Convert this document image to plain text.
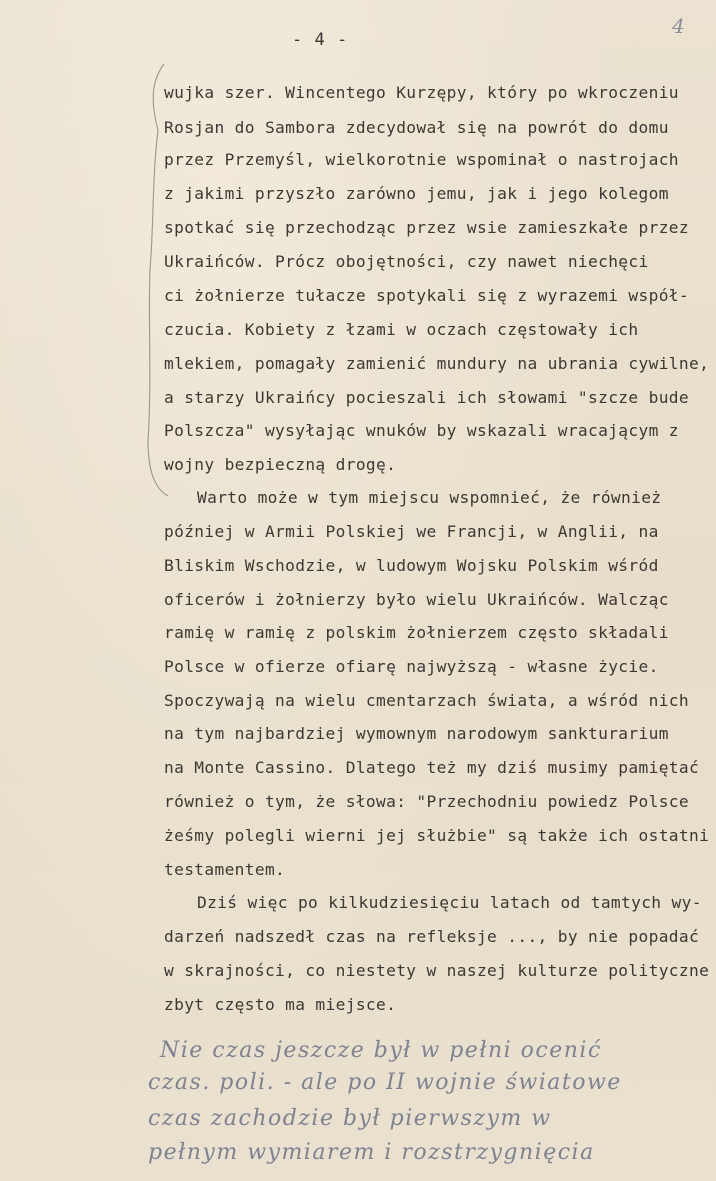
- 4 -
4
wujka szer. Wincentego Kurzępy, który po wkroczeniu
Rosjan do Sambora zdecydował się na powrót do domu
przez Przemyśl, wielkorotnie wspominał o nastrojach
z jakimi przyszło zarówno jemu, jak i jego kolegom
spotkać się przechodząc przez wsie zamieszkałe przez
Ukraińców. Prócz obojętności, czy nawet niechęci
ci żołnierze tułacze spotykali się z wyrazemi współ-
czucia. Kobiety z łzami w oczach częstowały ich
mlekiem, pomagały zamienić mundury na ubrania cywilne,
a starzy Ukraińcy pocieszali ich słowami "szcze bude
Polszcza" wysyłając wnuków by wskazali wracającym z
wojny bezpieczną drogę.
Warto może w tym miejscu wspomnieć, że również
później w Armii Polskiej we Francji, w Anglii, na
Bliskim Wschodzie, w ludowym Wojsku Polskim wśród
oficerów i żołnierzy było wielu Ukraińców. Walcząc
ramię w ramię z polskim żołnierzem często składali
Polsce w ofierze ofiarę najwyższą - własne życie.
Spoczywają na wielu cmentarzach świata, a wśród nich
na tym najbardziej wymownym narodowym sankturarium
na Monte Cassino. Dlatego też my dziś musimy pamiętać
również o tym, że słowa: "Przechodniu powiedz Polsce
żeśmy polegli wierni jej służbie" są także ich ostatni
testamentem.
Dziś więc po kilkudziesięciu latach od tamtych wy-
darzeń nadszedł czas na refleksje ..., by nie popadać
w skrajności, co niestety w naszej kulturze polityczne
zbyt często ma miejsce.
Nie czas jeszcze był w pełni ocenić
czas. poli. - ale po II wojnie światowe
czas zachodzie był pierwszym w
pełnym wymiarem i rozstrzygnięcia
